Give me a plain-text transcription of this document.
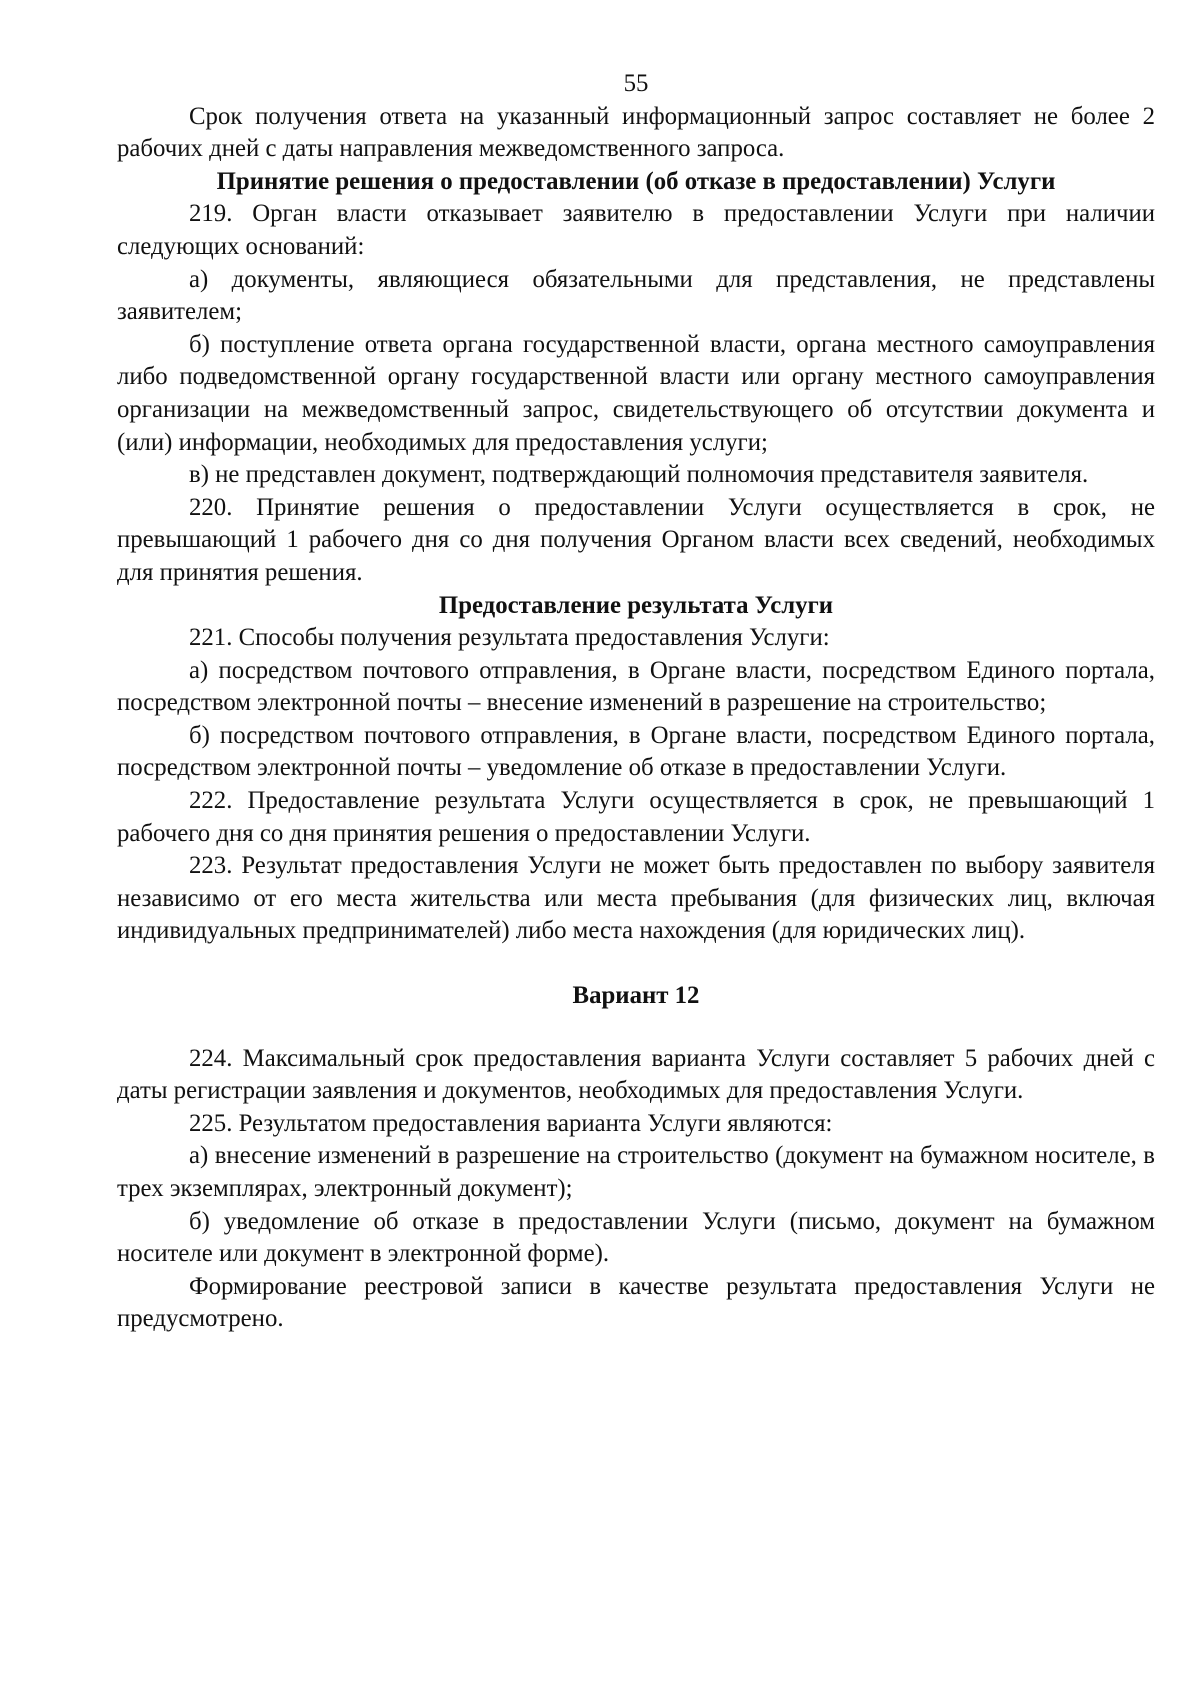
55

Срок получения ответа на указанный информационный запрос составляет не более 2 рабочих дней с даты направления межведомственного запроса.

Принятие решения о предоставлении (об отказе в предоставлении) Услуги

219. Орган власти отказывает заявителю в предоставлении Услуги при наличии следующих оснований:

а) документы, являющиеся обязательными для представления, не представлены заявителем;

б) поступление ответа органа государственной власти, органа местного самоуправления либо подведомственной органу государственной власти или органу местного самоуправления организации на межведомственный запрос, свидетельствующего об отсутствии документа и (или) информации, необходимых для предоставления услуги;

в) не представлен документ, подтверждающий полномочия представителя заявителя.

220. Принятие решения о предоставлении Услуги осуществляется в срок, не превышающий 1 рабочего дня со дня получения Органом власти всех сведений, необходимых для принятия решения.

Предоставление результата Услуги

221. Способы получения результата предоставления Услуги:

а) посредством почтового отправления, в Органе власти, посредством Единого портала, посредством электронной почты – внесение изменений в разрешение на строительство;

б) посредством почтового отправления, в Органе власти, посредством Единого портала, посредством электронной почты – уведомление об отказе в предоставлении Услуги.

222. Предоставление результата Услуги осуществляется в срок, не превышающий 1 рабочего дня со дня принятия решения о предоставлении Услуги.

223. Результат предоставления Услуги не может быть предоставлен по выбору заявителя независимо от его места жительства или места пребывания (для физических лиц, включая индивидуальных предпринимателей) либо места нахождения (для юридических лиц).

Вариант 12

224. Максимальный срок предоставления варианта Услуги составляет 5 рабочих дней с даты регистрации заявления и документов, необходимых для предоставления Услуги.

225. Результатом предоставления варианта Услуги являются:

а) внесение изменений в разрешение на строительство (документ на бумажном носителе, в трех экземплярах, электронный документ);

б) уведомление об отказе в предоставлении Услуги (письмо, документ на бумажном носителе или документ в электронной форме).

Формирование реестровой записи в качестве результата предоставления Услуги не предусмотрено.
